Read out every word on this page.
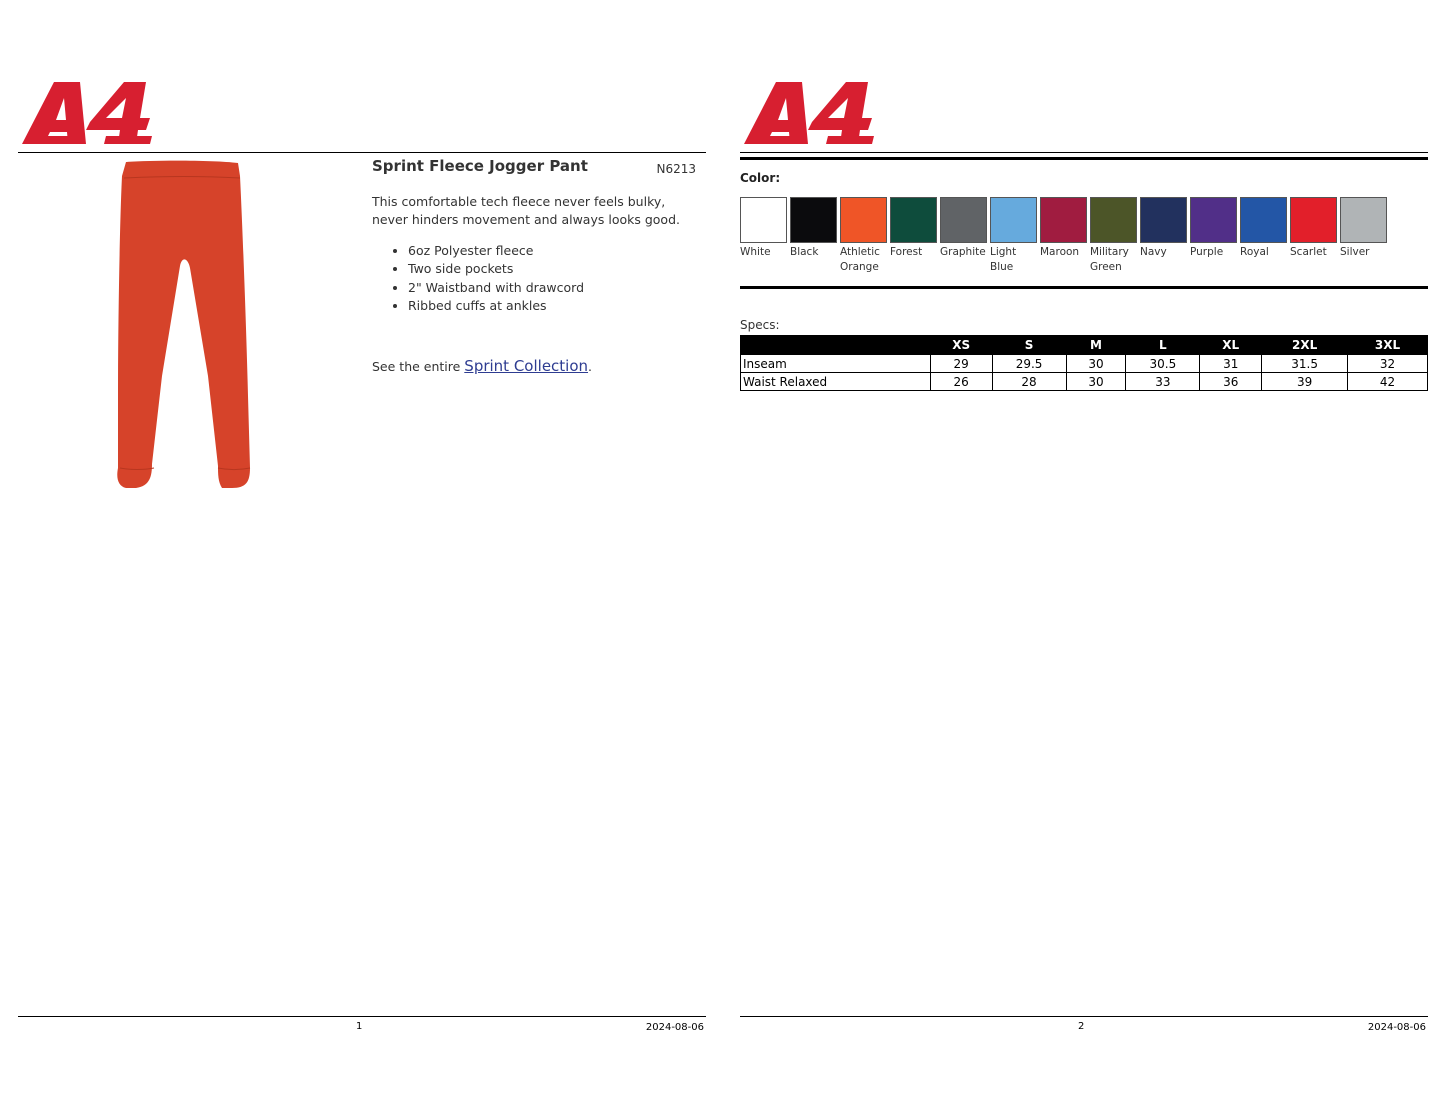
Sprint Fleece Jogger Pant	N6213
This comfortable tech fleece never feels bulky, never hinders movement and always looks good.
• 6oz Polyester fleece
• Two side pockets
• 2" Waistband with drawcord
• Ribbed cuffs at ankles
See the entire Sprint Collection.
1	2024-08-06
Color:
White	Black	Athletic Orange
Forest	Graphite Light Blue
Maroon	Military Green
Navy	Purple	Royal	Scarlet	Silver
Specs:
	XS	S	M	L	XL	2XL	3XL
Inseam	29	29.5	30	30.5	31	31.5	32
Waist Relaxed	26	28	30	33	36	39	42
2	2024-08-06
